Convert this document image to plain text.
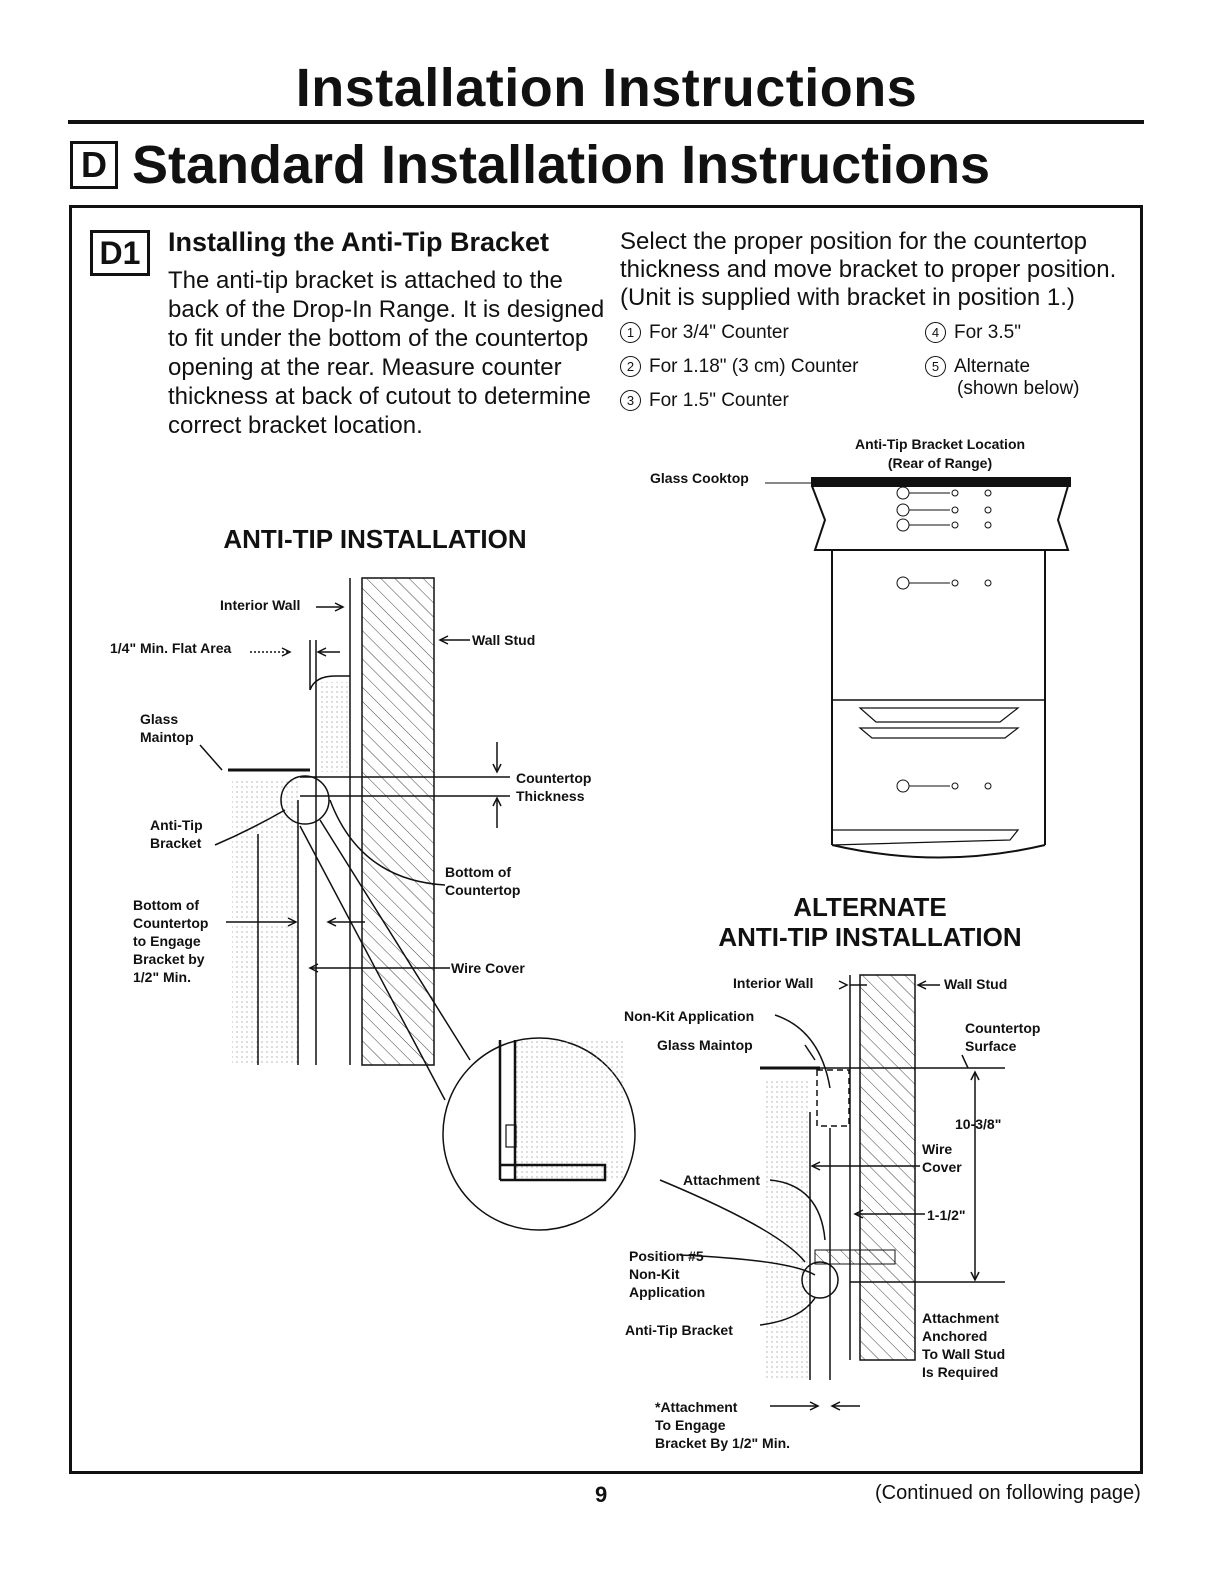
Installation Instructions
D Standard Installation Instructions
D1	Installing the Anti-Tip Bracket
The anti-tip bracket is attached to the back of the Drop-In Range. It is designed to fit under the bottom of the countertop opening at the rear. Measure counter thickness at back of cutout to determine correct bracket location.
Select the proper position for the countertop thickness and move bracket to proper position. (Unit is supplied with bracket in position 1.)
1 For 3/4" Counter
2 For 1.18" (3 cm) Counter
3 For 1.5" Counter
4 For 3.5"
5 Alternate
(shown below)
Anti-Tip Bracket Location
(Rear of Range)
Glass Cooktop
ANTI-TIP INSTALLATION
Interior Wall
1/4" Min. Flat Area	Wall Stud
Glass
Maintop
Countertop
Thickness
Anti-Tip
Bracket
Bottom of
Countertop
Bottom of
Countertop
to Engage
Bracket by
1/2" Min.
Wire Cover
ALTERNATE
ANTI-TIP INSTALLATION
Interior Wall	Wall Stud
Non-Kit Application
Glass Maintop
Countertop
Surface
10-3/8"
Wire
Cover
Attachment
1-1/2"
Position #5
Non-Kit
Application
Anti-Tip Bracket
Attachment
Anchored
To Wall Stud
Is Required
*Attachment
To Engage
Bracket By 1/2" Min.
9	(Continued on following page)
